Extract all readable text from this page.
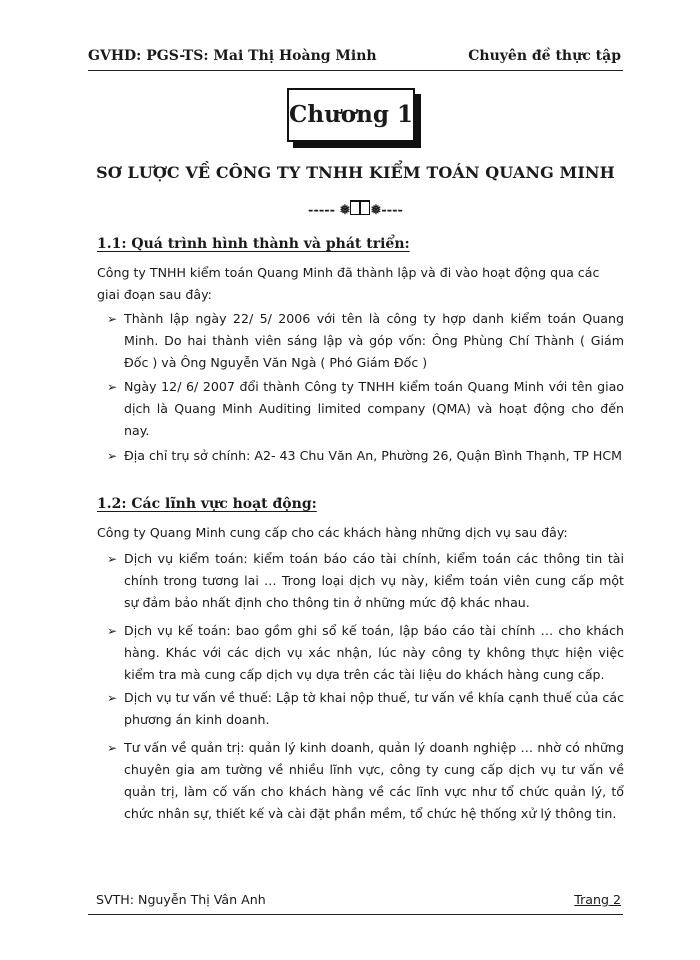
GVHD: PGS-TS: Mai Thị Hoàng Minh	Chuyên đề thực tập
Chương 1
SƠ LƯỢC VỀ CÔNG TY TNHH KIỂM TOÁN QUANG MINH
----- ❅ ❅----
1.1: Quá trình hình thành và phát triển:
Công ty TNHH kiểm toán Quang Minh đã thành lập và đi vào hoạt động qua các giai đoạn sau đây:
➢ Thành lập ngày 22/ 5/ 2006 với tên là công ty hợp danh kiểm toán Quang Minh. Do hai thành viên sáng lập và góp vốn: Ông Phùng Chí Thành ( Giám Đốc ) và Ông Nguyễn Văn Ngà ( Phó Giám Đốc )
➢ Ngày 12/ 6/ 2007 đổi thành Công ty TNHH kiểm toán Quang Minh với tên giao dịch là Quang Minh Auditing limited company (QMA) và hoạt động cho đến nay.
➢ Địa chỉ trụ sở chính: A2- 43 Chu Văn An, Phường 26, Quận Bình Thạnh, TP HCM
1.2: Các lĩnh vực hoạt động:
Công ty Quang Minh cung cấp cho các khách hàng những dịch vụ sau đây:
➢ Dịch vụ kiểm toán: kiểm toán báo cáo tài chính, kiểm toán các thông tin tài chính trong tương lai … Trong loại dịch vụ này, kiểm toán viên cung cấp một sự đảm bảo nhất định cho thông tin ở những mức độ khác nhau.
➢ Dịch vụ kế toán: bao gồm ghi sổ kế toán, lập báo cáo tài chính … cho khách hàng. Khác với các dịch vụ xác nhận, lúc này công ty không thực hiện việc kiểm tra mà cung cấp dịch vụ dựa trên các tài liệu do khách hàng cung cấp.
➢ Dịch vụ tư vấn về thuế: Lập tờ khai nộp thuế, tư vấn về khía cạnh thuế của các phương án kinh doanh.
➢ Tư vấn về quản trị: quản lý kinh doanh, quản lý doanh nghiệp … nhờ có những chuyên gia am tường về nhiều lĩnh vực, công ty cung cấp dịch vụ tư vấn về quản trị, làm cố vấn cho khách hàng về các lĩnh vực như tổ chức quản lý, tổ chức nhân sự, thiết kế và cài đặt phần mềm, tổ chức hệ thống xử lý thông tin.
SVTH: Nguyễn Thị Vân Anh	Trang 2
